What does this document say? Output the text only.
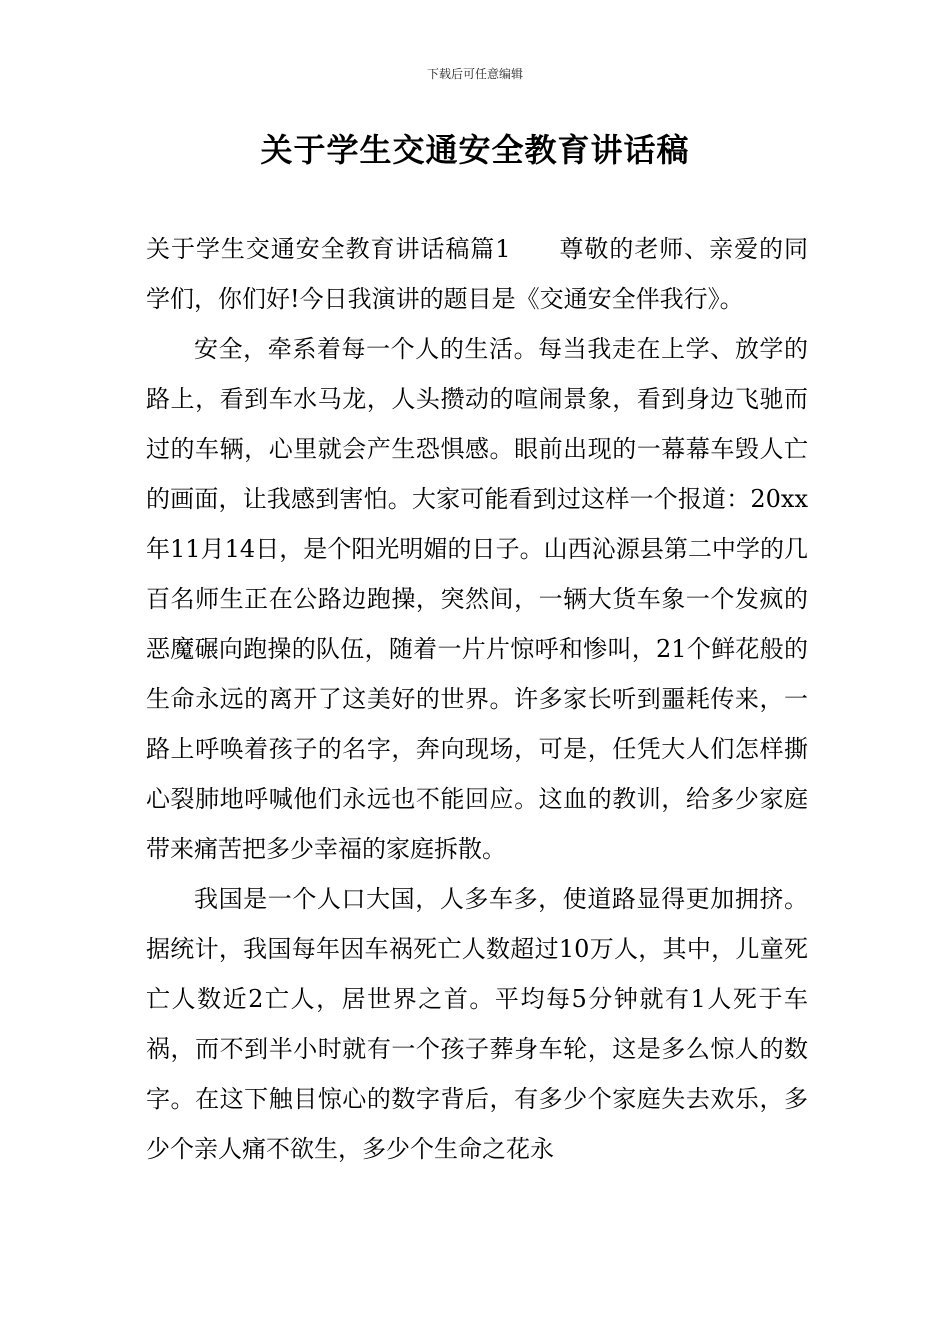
下载后可任意编辑
关于学生交通安全教育讲话稿

关于学生交通安全教育讲话稿篇1 尊敬的老师、亲爱的同学们，你们好!今日我演讲的题目是《交通安全伴我行》。

安全，牵系着每一个人的生活。每当我走在上学、放学的路上，看到车水马龙，人头攒动的喧闹景象，看到身边飞驰而过的车辆，心里就会产生恐惧感。眼前出现的一幕幕车毁人亡的画面，让我感到害怕。大家可能看到过这样一个报道：20xx年11月14日，是个阳光明媚的日子。山西沁源县第二中学的几百名师生正在公路边跑操，突然间，一辆大货车象一个发疯的恶魔碾向跑操的队伍，随着一片片惊呼和惨叫，21个鲜花般的生命永远的离开了这美好的世界。许多家长听到噩耗传来，一路上呼唤着孩子的名字，奔向现场，可是，任凭大人们怎样撕心裂肺地呼喊他们永远也不能回应。这血的教训，给多少家庭带来痛苦把多少幸福的家庭拆散。

我国是一个人口大国，人多车多，使道路显得更加拥挤。据统计，我国每年因车祸死亡人数超过10万人，其中，儿童死亡人数近2亡人，居世界之首。平均每5分钟就有1人死于车祸，而不到半小时就有一个孩子葬身车轮，这是多么惊人的数字。在这下触目惊心的数字背后，有多少个家庭失去欢乐，多少个亲人痛不欲生，多少个生命之花永
